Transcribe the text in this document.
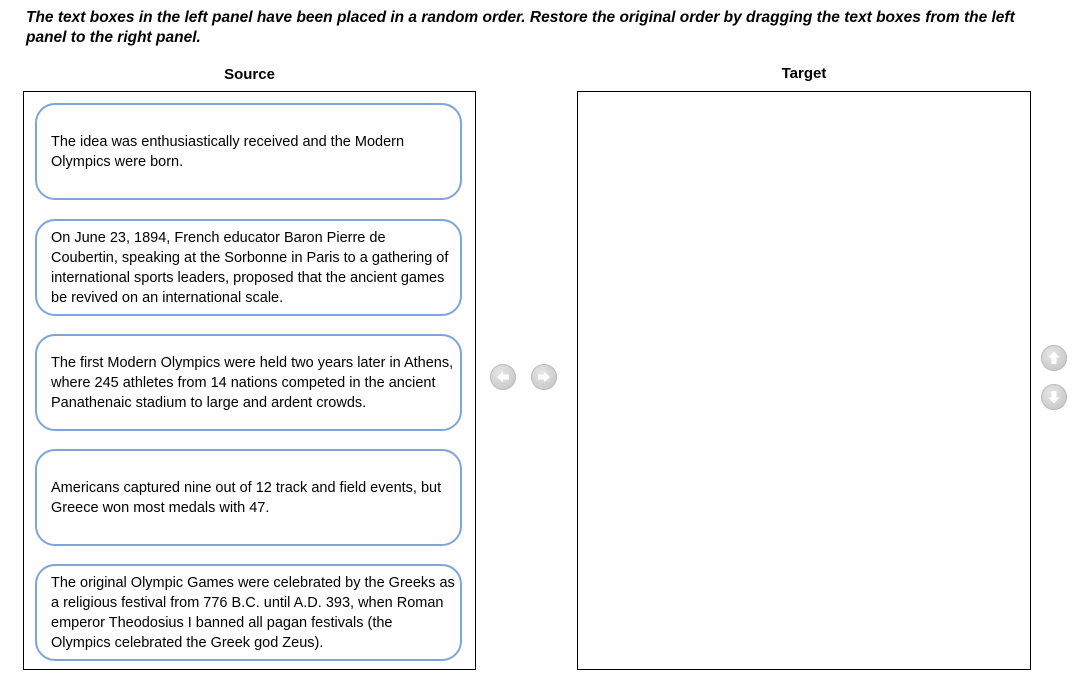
The text boxes in the left panel have been placed in a random order. Restore the original order by dragging the text boxes from the left panel to the right panel.
Source	Target
The idea was enthusiastically received and the Modern Olympics were born.
On June 23, 1894, French educator Baron Pierre de Coubertin, speaking at the Sorbonne in Paris to a gathering of international sports leaders, proposed that the ancient games be revived on an international scale.
The first Modern Olympics were held two years later in Athens, where 245 athletes from 14 nations competed in the ancient Panathenaic stadium to large and ardent crowds.
Americans captured nine out of 12 track and field events, but Greece won most medals with 47.
The original Olympic Games were celebrated by the Greeks as a religious festival from 776 B.C. until A.D. 393, when Roman emperor Theodosius I banned all pagan festivals (the Olympics celebrated the Greek god Zeus).
